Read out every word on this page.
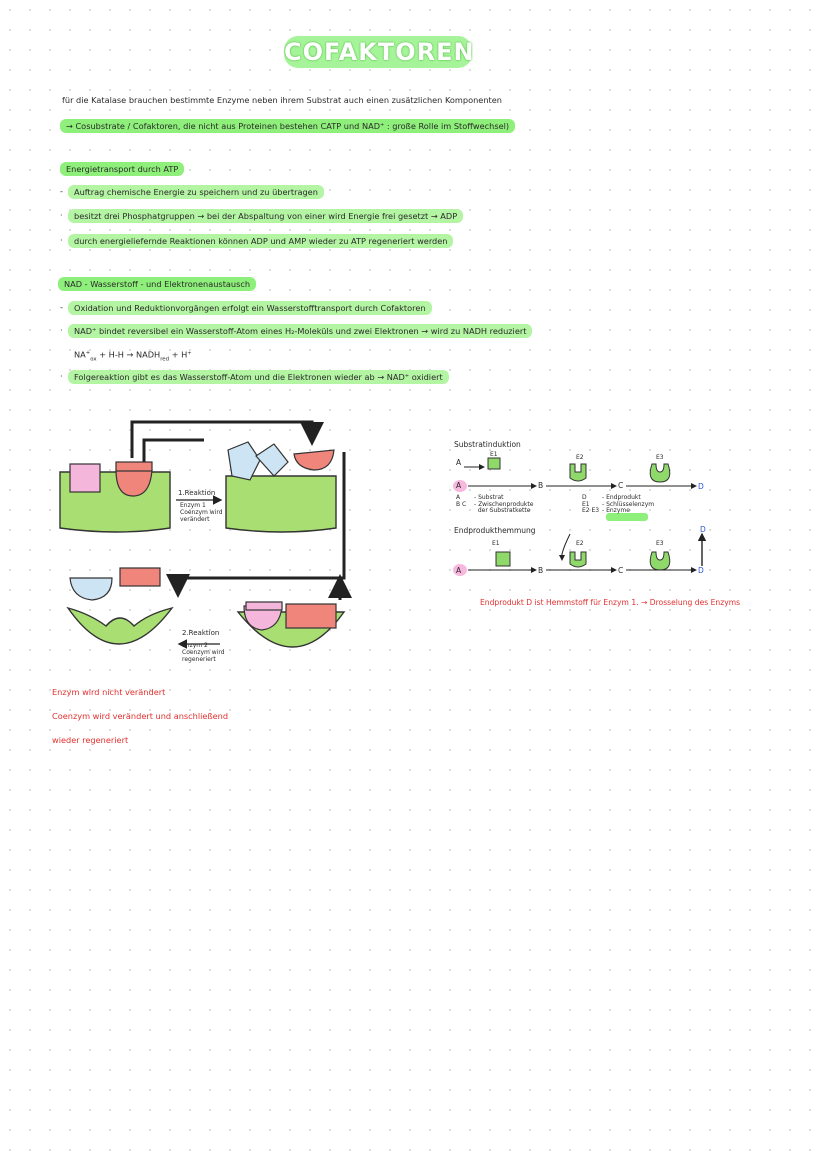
COFAKTOREN
für die Katalase brauchen bestimmte Enzyme neben ihrem Substrat auch einen zusätzlichen Komponenten
→ Cosubstrate / Cofaktoren, die nicht aus Proteinen bestehen CATP und NAD⁺ : große Rolle im Stoffwechsel)
Energietransport durch ATP
-	Auftrag chemische Energie zu speichern und zu übertragen
·	besitzt drei Phosphatgruppen → bei der Abspaltung von einer wird Energie frei gesetzt → ADP
·	durch energieliefernde Reaktionen können ADP und AMP wieder zu ATP regeneriert werden
NAD - Wasserstoff - und Elektronenaustausch
-	Oxidation und Reduktionvorgängen erfolgt ein Wasserstofftransport durch Cofaktoren
·	NAD⁺ bindet reversibel ein Wasserstoff-Atom eines H₂-Moleküls und zwei Elektronen → wird zu NADH reduziert
$NA^+_{ox} + H-H$ → $NADH_{red} + H^+$
·	Folgereaktion gibt es das Wasserstoff-Atom und die Elektronen wieder ab → NAD⁺ oxidiert
1.Reaktion
Enzym 1
Coenzym wird
verändert
2.Reaktion
Enzym 2
Coenzym wird
regeneriert
Enzym wird nicht verändert
Coenzym wird verändert und anschließend
wieder regeneriert
Substratinduktion
A
E1
A	B	C	D
E2	E3
A
B C
- Substrat
- Zwischenprodukte
der Substratkette
D
E1
E2 E3
- Endprodukt
- Schlüsselenzym
- Enzyme
Endprodukthemmung	D
E1	E2	E3
A	B	C	D
Endprodukt D ist Hemmstoff für Enzym 1. → Drosselung des Enzyms
